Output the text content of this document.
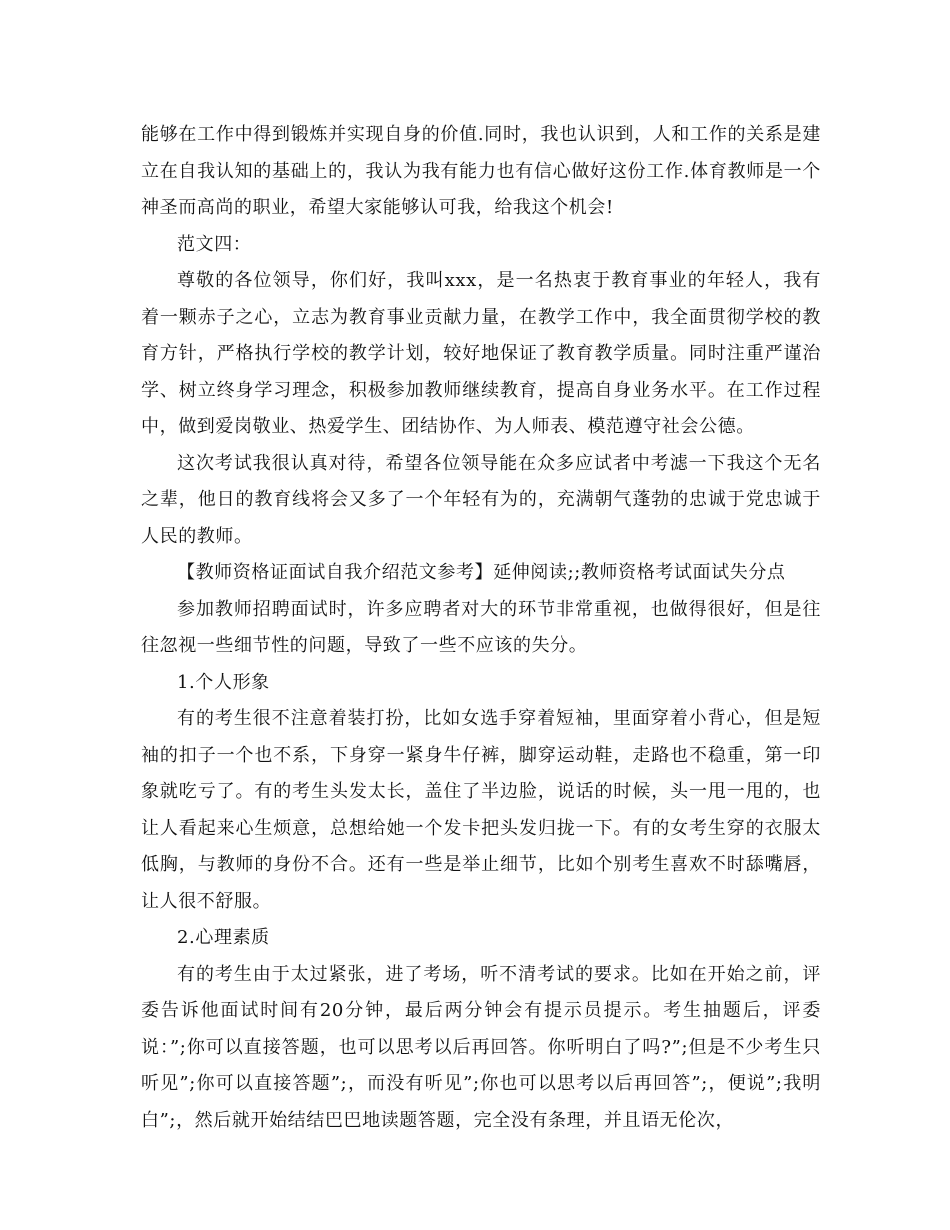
能够在工作中得到锻炼并实现自身的价值.同时，我也认识到，人和工作的关系是建立在自我认知的基础上的，我认为我有能力也有信心做好这份工作.体育教师是一个神圣而高尚的职业，希望大家能够认可我，给我这个机会!

范文四：

尊敬的各位领导，你们好，我叫xxx，是一名热衷于教育事业的年轻人，我有着一颗赤子之心，立志为教育事业贡献力量，在教学工作中，我全面贯彻学校的教育方针，严格执行学校的教学计划，较好地保证了教育教学质量。同时注重严谨治学、树立终身学习理念，积极参加教师继续教育，提高自身业务水平。在工作过程中，做到爱岗敬业、热爱学生、团结协作、为人师表、模范遵守社会公德。

这次考试我很认真对待，希望各位领导能在众多应试者中考滤一下我这个无名之辈，他日的教育线将会又多了一个年轻有为的，充满朝气蓬勃的忠诚于党忠诚于人民的教师。

【教师资格证面试自我介绍范文参考】延伸阅读;;教师资格考试面试失分点

参加教师招聘面试时，许多应聘者对大的环节非常重视，也做得很好，但是往往忽视一些细节性的问题，导致了一些不应该的失分。

1.个人形象

有的考生很不注意着装打扮，比如女选手穿着短袖，里面穿着小背心，但是短袖的扣子一个也不系，下身穿一紧身牛仔裤，脚穿运动鞋，走路也不稳重，第一印象就吃亏了。有的考生头发太长，盖住了半边脸，说话的时候，头一甩一甩的，也让人看起来心生烦意，总想给她一个发卡把头发归拢一下。有的女考生穿的衣服太低胸，与教师的身份不合。还有一些是举止细节，比如个别考生喜欢不时舔嘴唇，让人很不舒服。

2.心理素质

有的考生由于太过紧张，进了考场，听不清考试的要求。比如在开始之前，评委告诉他面试时间有20分钟，最后两分钟会有提示员提示。考生抽题后，评委说：”;你可以直接答题，也可以思考以后再回答。你听明白了吗?”;但是不少考生只听见”;你可以直接答题”;，而没有听见”;你也可以思考以后再回答”;，便说”;我明白”;，然后就开始结结巴巴地读题答题，完全没有条理，并且语无伦次，
